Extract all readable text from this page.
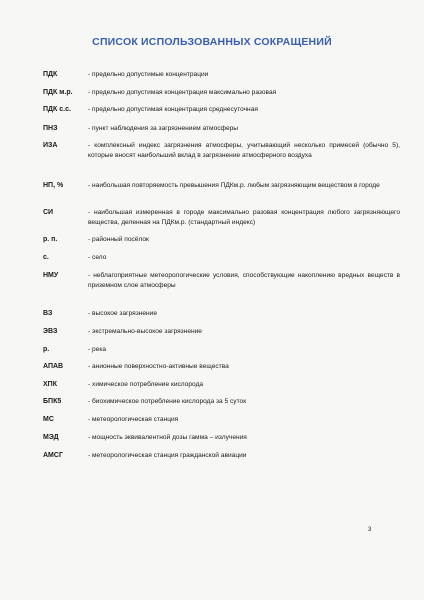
СПИСОК ИСПОЛЬЗОВАННЫХ СОКРАЩЕНИЙ
ПДК	- предельно допустимые концентрации
ПДК м.р.	- предельно допустимая концентрация максимально разовая
ПДК с.с.	- предельно допустимая концентрация среднесуточная
ПНЗ	- пункт наблюдения за загрязнением атмосферы
ИЗА	- комплексный индекс загрязнения атмосферы, учитывающий несколько примесей (обычно 5), которые вносят наибольший вклад в загрязнение атмосферного воздуха
НП, %	- наибольшая повторяемость превышения ПДКм.р. любым загрязняющим веществом в городе
СИ	- наибольшая измеренная в городе максимально разовая концентрация любого загрязняющего вещества, деленная на ПДКм.р. (стандартный индекс)
р. п.	- районный посёлок
с.	- село
НМУ	- неблагоприятные метеорологические условия, способствующие накоплению вредных веществ в приземном слое атмосферы
ВЗ	- высокое загрязнение
ЭВЗ	- экстремально-высокое загрязнение
р.	- река
АПАВ	- анионные поверхностно-активные вещества
ХПК	- химическое потребление кислорода
БПК5	- биохимическое потребление кислорода за 5 суток
МС	- метеорологическая станция
МЭД	- мощность эквивалентной дозы гамма – излучения
АМСГ	- метеорологическая станция гражданской авиации
3
